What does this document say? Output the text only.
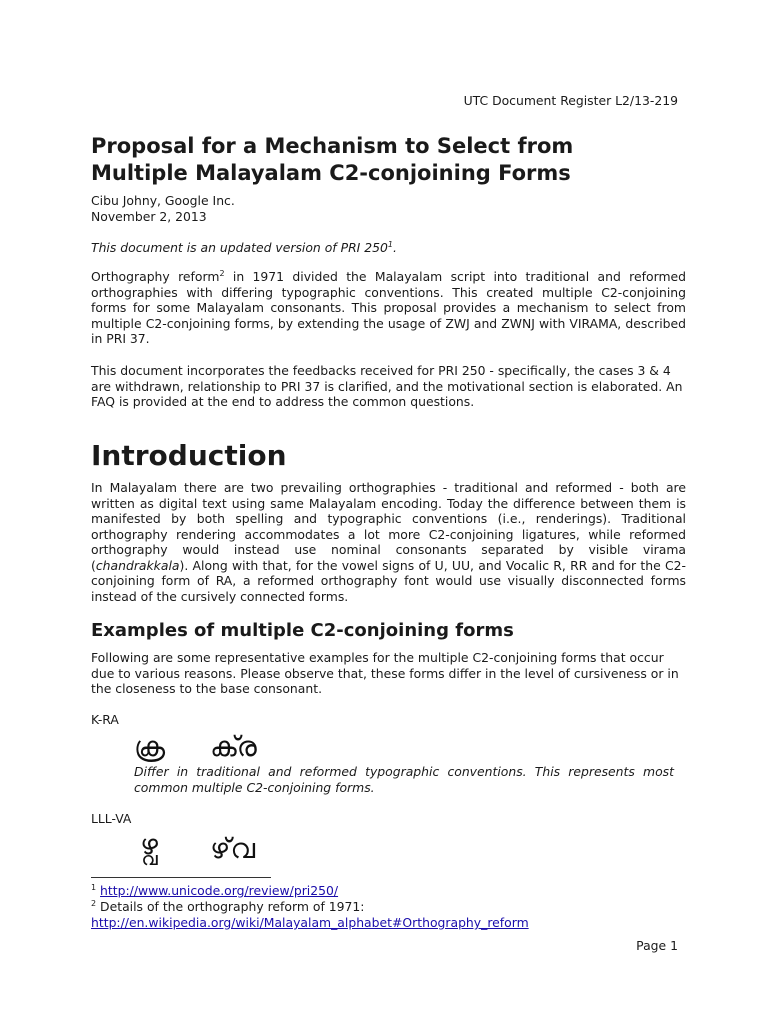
UTC Document Register L2/13-219
Proposal for a Mechanism to Select from
Multiple Malayalam C2-conjoining Forms
Cibu Johny, Google Inc.
November 2, 2013
This document is an updated version of PRI $250^1$.
Orthography reform$^2$ in 1971 divided the Malayalam script into traditional and reformed orthographies with differing typographic conventions. This created multiple C2-conjoining forms for some Malayalam consonants. This proposal provides a mechanism to select from multiple C2-conjoining forms, by extending the usage of ZWJ and ZWNJ with VIRAMA, described in PRI 37.
This document incorporates the feedbacks received for PRI 250 - specifically, the cases 3 & 4 are withdrawn, relationship to PRI 37 is clarified, and the motivational section is elaborated. An FAQ is provided at the end to address the common questions.
Introduction
In Malayalam there are two prevailing orthographies - traditional and reformed - both are written as digital text using same Malayalam encoding. Today the difference between them is manifested by both spelling and typographic conventions (i.e., renderings). Traditional orthography rendering accommodates a lot more C2-conjoining ligatures, while reformed orthography would instead use nominal consonants separated by visible virama (chandrakkala). Along with that, for the vowel signs of U, UU, and Vocalic R, RR and for the C2-conjoining form of RA, a reformed orthography font would use visually disconnected forms instead of the cursively connected forms.
Examples of multiple C2-conjoining forms
Following are some representative examples for the multiple C2-conjoining forms that occur due to various reasons. Please observe that, these forms differ in the level of cursiveness or in the closeness to the base consonant.
K-RA
ക്ര ക്‍ര
Differ in traditional and reformed typographic conventions. This represents most common multiple C2-conjoining forms.
LLL-VA
ഴ്വ ഴ്‌വ
$^1$ http://www.unicode.org/review/pri250/
$^2$ Details of the orthography reform of 1971:
http://en.wikipedia.org/wiki/Malayalam_alphabet#Orthography_reform
Page 1
